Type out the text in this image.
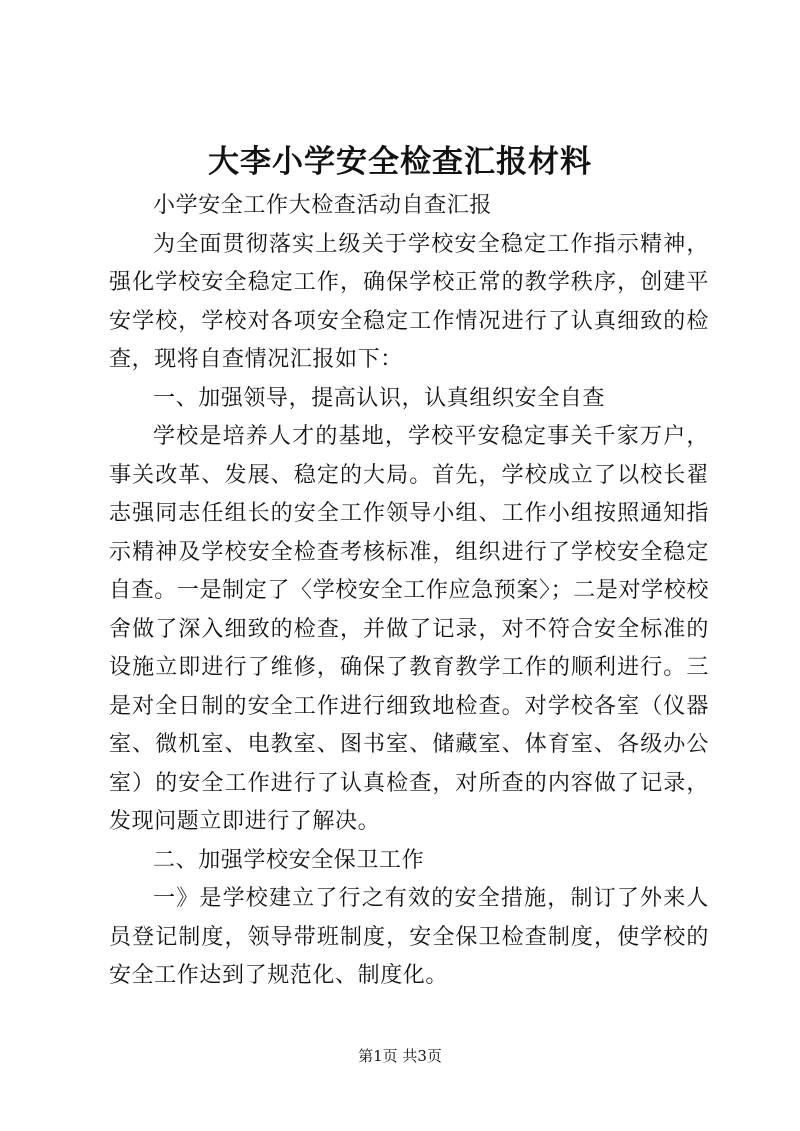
大李小学安全检查汇报材料

小学安全工作大检查活动自查汇报

为全面贯彻落实上级关于学校安全稳定工作指示精神，强化学校安全稳定工作，确保学校正常的教学秩序，创建平安学校，学校对各项安全稳定工作情况进行了认真细致的检查，现将自查情况汇报如下：

一、加强领导，提高认识，认真组织安全自查

学校是培养人才的基地，学校平安稳定事关千家万户，事关改革、发展、稳定的大局。首先，学校成立了以校长翟志强同志任组长的安全工作领导小组、工作小组按照通知指示精神及学校安全检查考核标准，组织进行了学校安全稳定自查。一是制定了〈学校安全工作应急预案〉；二是对学校校舍做了深入细致的检查，并做了记录，对不符合安全标准的设施立即进行了维修，确保了教育教学工作的顺利进行。三是对全日制的安全工作进行细致地检查。对学校各室（仪器室、微机室、电教室、图书室、储藏室、体育室、各级办公室）的安全工作进行了认真检查，对所查的内容做了记录，发现问题立即进行了解决。

二、加强学校安全保卫工作

一》是学校建立了行之有效的安全措施，制订了外来人员登记制度，领导带班制度，安全保卫检查制度，使学校的安全工作达到了规范化、制度化。

第1页 共3页
